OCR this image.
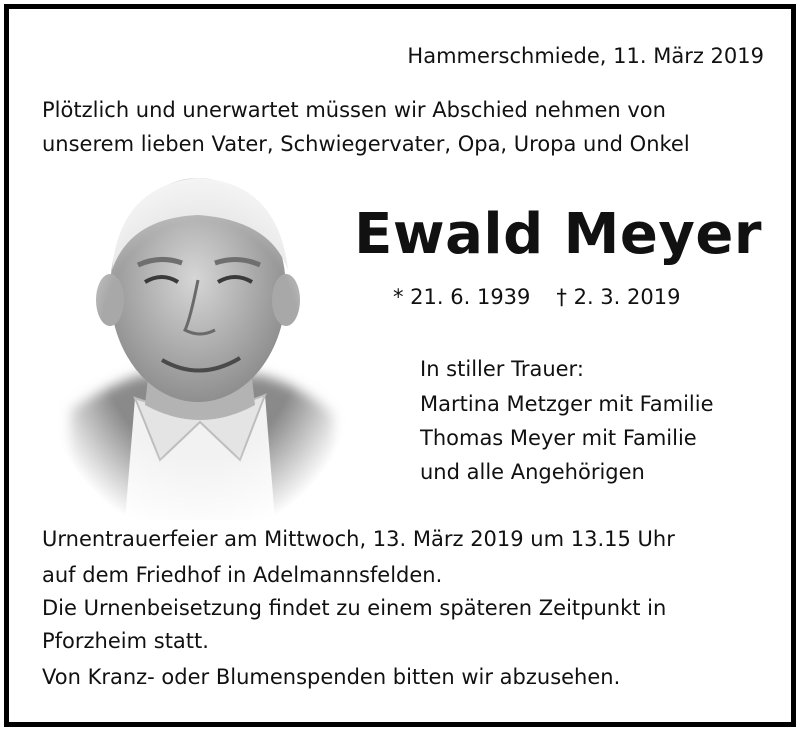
Hammerschmiede, 11. März 2019
Plötzlich und unerwartet müssen wir Abschied nehmen von
unserem lieben Vater, Schwiegervater, Opa, Uropa und Onkel
Ewald Meyer
* 21. 6. 1939 † 2. 3. 2019
In stiller Trauer:
Martina Metzger mit Familie
Thomas Meyer mit Familie
und alle Angehörigen
Urnentrauerfeier am Mittwoch, 13. März 2019 um 13.15 Uhr
auf dem Friedhof in Adelmannsfelden.
Die Urnenbeisetzung findet zu einem späteren Zeitpunkt in
Pforzheim statt.
Von Kranz- oder Blumenspenden bitten wir abzusehen.
